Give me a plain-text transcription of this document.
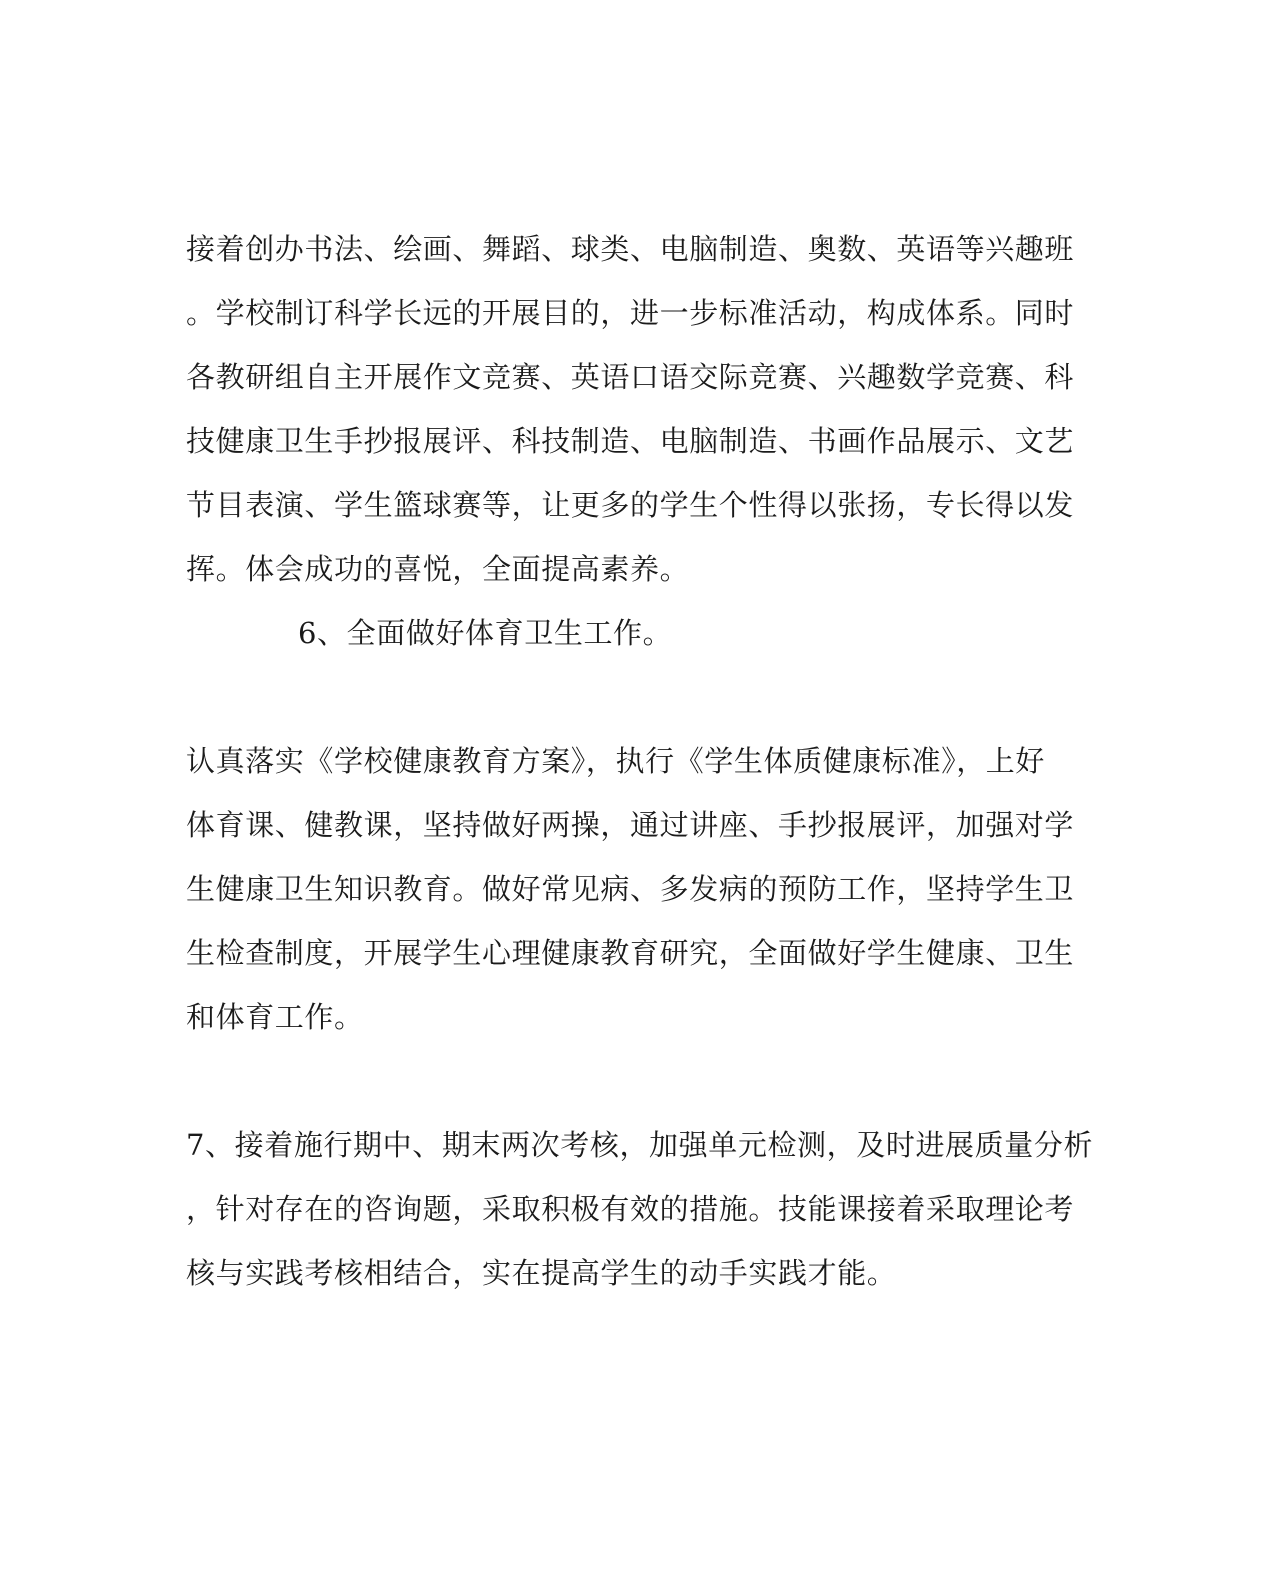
接着创办书法、绘画、舞蹈、球类、电脑制造、奥数、英语等兴趣班
。学校制订科学长远的开展目的，进一步标准活动，构成体系。同时
各教研组自主开展作文竞赛、英语口语交际竞赛、兴趣数学竞赛、科
技健康卫生手抄报展评、科技制造、电脑制造、书画作品展示、文艺
节目表演、学生篮球赛等，让更多的学生个性得以张扬，专长得以发
挥。体会成功的喜悦，全面提高素养。
6、全面做好体育卫生工作。
认真落实《学校健康教育方案》，执行《学生体质健康标准》，上好
体育课、健教课，坚持做好两操，通过讲座、手抄报展评，加强对学
生健康卫生知识教育。做好常见病、多发病的预防工作，坚持学生卫
生检查制度，开展学生心理健康教育研究，全面做好学生健康、卫生
和体育工作。
7、接着施行期中、期末两次考核，加强单元检测，及时进展质量分析
，针对存在的咨询题，采取积极有效的措施。技能课接着采取理论考
核与实践考核相结合，实在提高学生的动手实践才能。
